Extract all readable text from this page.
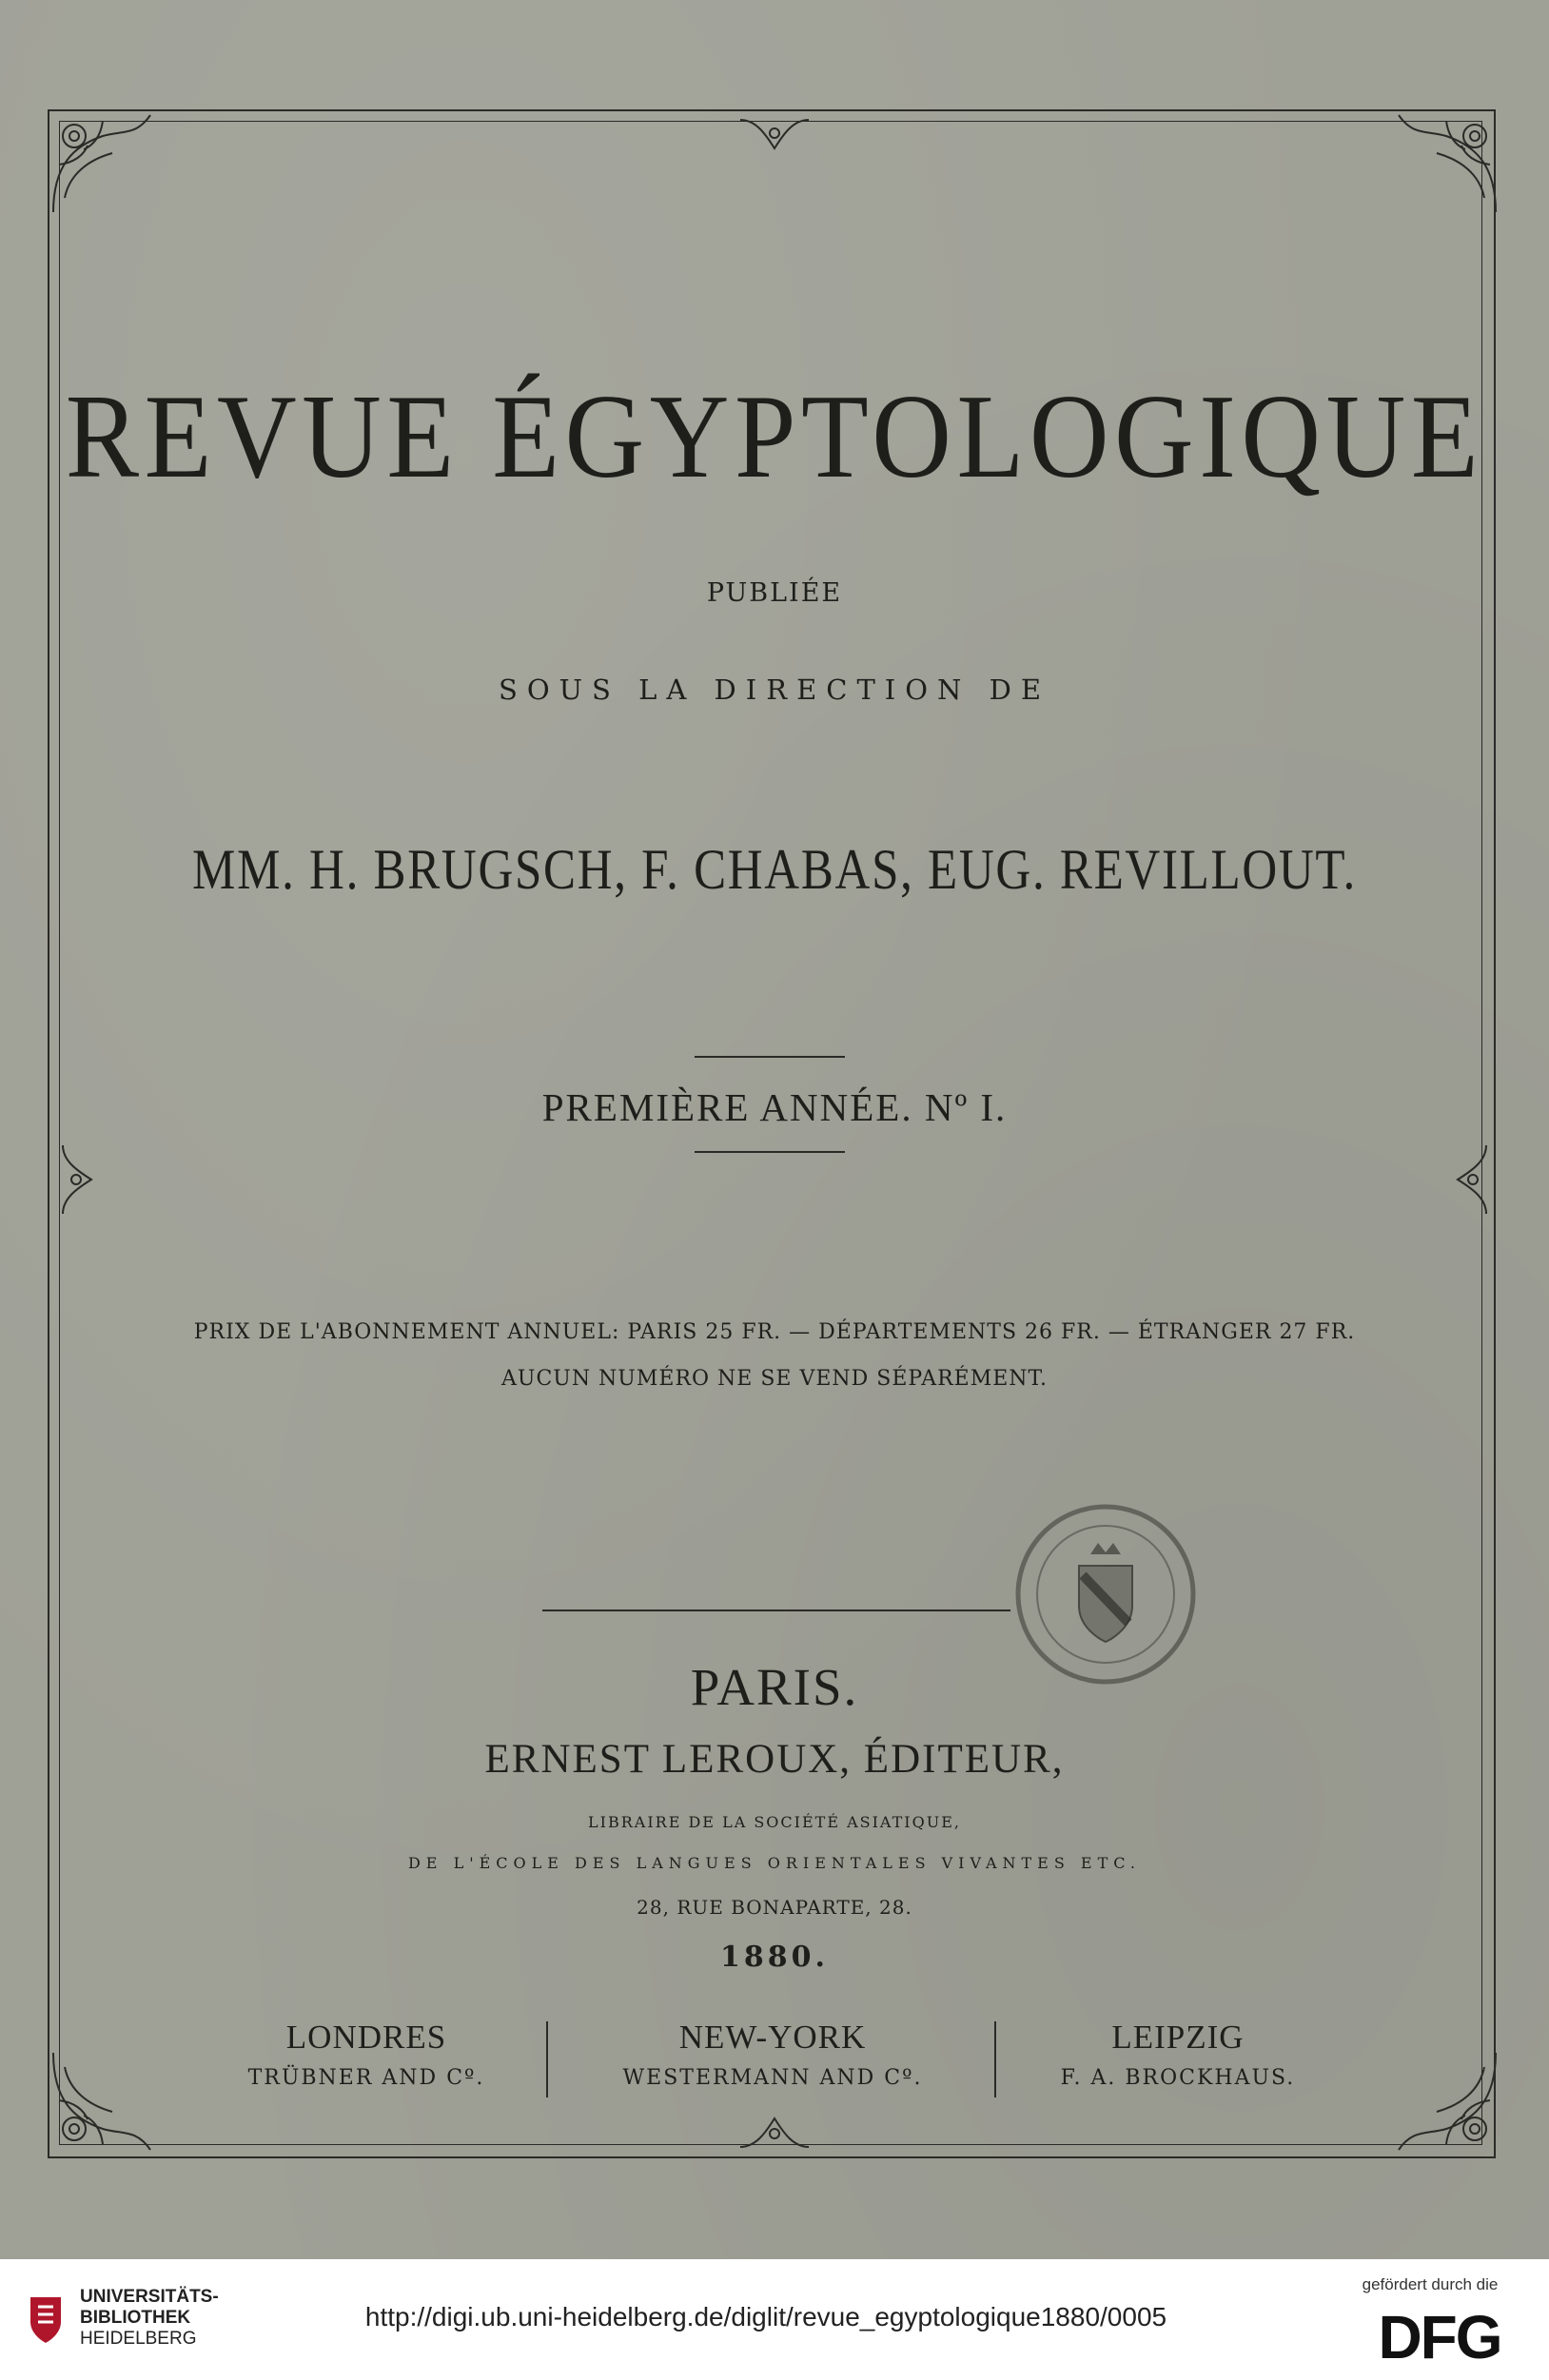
REVUE ÉGYPTOLOGIQUE
PUBLIÉE
SOUS LA DIRECTION DE
MM. H. BRUGSCH, F. CHABAS, EUG. REVILLOUT.
PREMIÈRE ANNÉE. Nº I.
PRIX DE L'ABONNEMENT ANNUEL: PARIS 25 FR. — DÉPARTEMENTS 26 FR. — ÉTRANGER 27 FR.
AUCUN NUMÉRO NE SE VEND SÉPARÉMENT.
PARIS.
ERNEST LEROUX, ÉDITEUR,
LIBRAIRE DE LA SOCIÉTÉ ASIATIQUE,
DE L'ÉCOLE DES LANGUES ORIENTALES VIVANTES ETC.
28, RUE BONAPARTE, 28.
1880.
LONDRES
TRÜBNER AND Cº.
NEW-YORK
WESTERMANN AND Cº.
LEIPZIG
F. A. BROCKHAUS.
UNIVERSITÄTS-
BIBLIOTHEK
HEIDELBERG
http://digi.ub.uni-heidelberg.de/diglit/revue_egyptologique1880/0005
gefördert durch die
DFG
